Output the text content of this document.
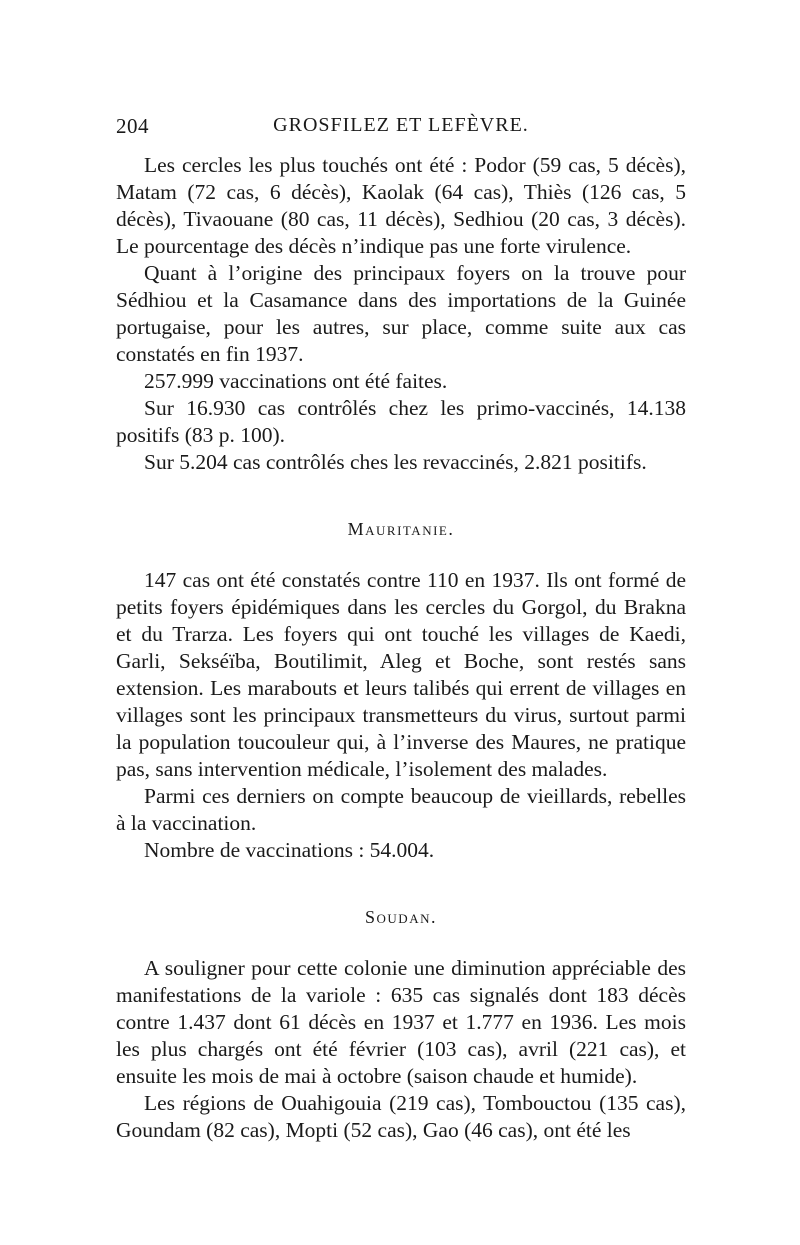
204	GROSFILEZ ET LEFÈVRE.

Les cercles les plus touchés ont été : Podor (59 cas, 5 décès), Matam (72 cas, 6 décès), Kaolak (64 cas), Thiès (126 cas, 5 décès), Tivaouane (80 cas, 11 décès), Sedhiou (20 cas, 3 décès). Le pourcentage des décès n’indique pas une forte virulence.

Quant à l’origine des principaux foyers on la trouve pour Sédhiou et la Casamance dans des importations de la Guinée portugaise, pour les autres, sur place, comme suite aux cas constatés en fin 1937.

257.999 vaccinations ont été faites.

Sur 16.930 cas contrôlés chez les primo-vaccinés, 14.138 positifs (83 p. 100).

Sur 5.204 cas contrôlés ches les revaccinés, 2.821 positifs.

Mauritanie.

147 cas ont été constatés contre 110 en 1937. Ils ont formé de petits foyers épidémiques dans les cercles du Gorgol, du Brakna et du Trarza. Les foyers qui ont touché les villages de Kaedi, Garli, Sekséïba, Boutilimit, Aleg et Boche, sont restés sans extension. Les marabouts et leurs talibés qui errent de villages en villages sont les principaux transmetteurs du virus, surtout parmi la population toucouleur qui, à l’inverse des Maures, ne pratique pas, sans intervention médicale, l’isolement des malades.

Parmi ces derniers on compte beaucoup de vieillards, rebelles à la vaccination.

Nombre de vaccinations : 54.004.

Soudan.

A souligner pour cette colonie une diminution appréciable des manifestations de la variole : 635 cas signalés dont 183 décès contre 1.437 dont 61 décès en 1937 et 1.777 en 1936. Les mois les plus chargés ont été février (103 cas), avril (221 cas), et ensuite les mois de mai à octobre (saison chaude et humide).

Les régions de Ouahigouia (219 cas), Tombouctou (135 cas), Goundam (82 cas), Mopti (52 cas), Gao (46 cas), ont été les
